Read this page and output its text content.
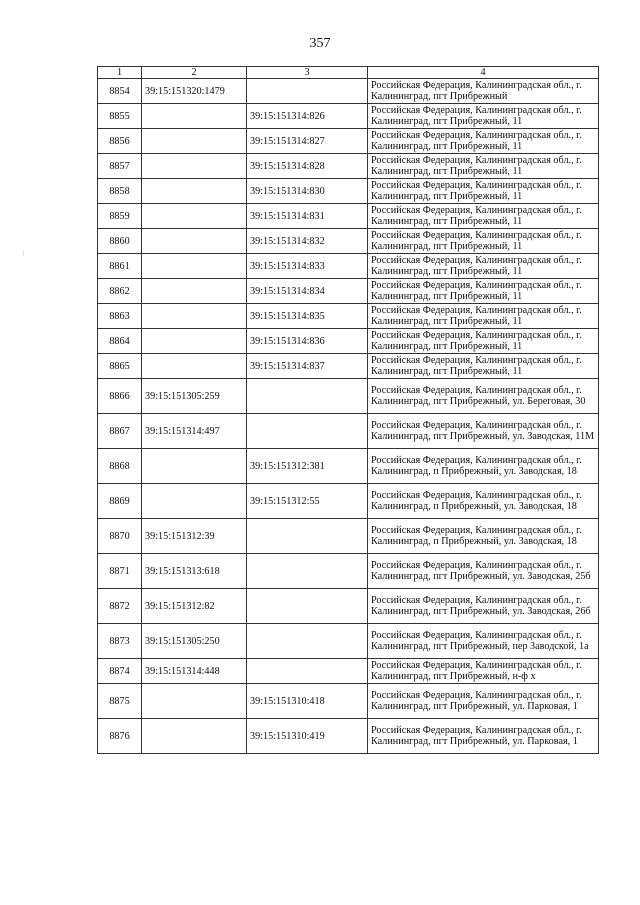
357
⁝
1	2	3	4
8854	39:15:151320:1479		Российская Федерация, Калининградская обл., г. Калининград, пгт Прибрежный
8855		39:15:151314:826	Российская Федерация, Калининградская обл., г. Калининград, пгт Прибрежный, 11
8856		39:15:151314:827	Российская Федерация, Калининградская обл., г. Калининград, пгт Прибрежный, 11
8857		39:15:151314:828	Российская Федерация, Калининградская обл., г. Калининград, пгт Прибрежный, 11
8858		39:15:151314:830	Российская Федерация, Калининградская обл., г. Калининград, пгт Прибрежный, 11
8859		39:15:151314:831	Российская Федерация, Калининградская обл., г. Калининград, пгт Прибрежный, 11
8860		39:15:151314:832	Российская Федерация, Калининградская обл., г. Калининград, пгт Прибрежный, 11
8861		39:15:151314:833	Российская Федерация, Калининградская обл., г. Калининград, пгт Прибрежный, 11
8862		39:15:151314:834	Российская Федерация, Калининградская обл., г. Калининград, пгт Прибрежный, 11
8863		39:15:151314:835	Российская Федерация, Калининградская обл., г. Калининград, пгт Прибрежный, 11
8864		39:15:151314:836	Российская Федерация, Калининградская обл., г. Калининград, пгт Прибрежный, 11
8865		39:15:151314:837	Российская Федерация, Калининградская обл., г. Калининград, пгт Прибрежный, 11
8866	39:15:151305:259		Российская Федерация, Калининградская обл., г. Калининград, пгт Прибрежный, ул. Береговая, 30
8867	39:15:151314:497		Российская Федерация, Калининградская обл., г. Калининград, пгт Прибрежный, ул. Заводская, 11М
8868		39:15:151312:381	Российская Федерация, Калининградская обл., г. Калининград, п Прибрежный, ул. Заводская, 18
8869		39:15:151312:55	Российская Федерация, Калининградская обл., г. Калининград, п Прибрежный, ул. Заводская, 18
8870	39:15:151312:39		Российская Федерация, Калининградская обл., г. Калининград, п Прибрежный, ул. Заводская, 18
8871	39:15:151313:618		Российская Федерация, Калининградская обл., г. Калининград, пгт Прибрежный, ул. Заводская, 25б
8872	39:15:151312:82		Российская Федерация, Калининградская обл., г. Калининград, пгт Прибрежный, ул. Заводская, 26б
8873	39:15:151305:250		Российская Федерация, Калининградская обл., г. Калининград, пгт Прибрежный, пер Заводской, 1а
8874	39:15:151314:448		Российская Федерация, Калининградская обл., г. Калининград, пгт Прибрежный, н-ф х
8875		39:15:151310:418	Российская Федерация, Калининградская обл., г. Калининград, пгт Прибрежный, ул. Парковая, 1
8876		39:15:151310:419	Российская Федерация, Калининградская обл., г. Калининград, пгт Прибрежный, ул. Парковая, 1
